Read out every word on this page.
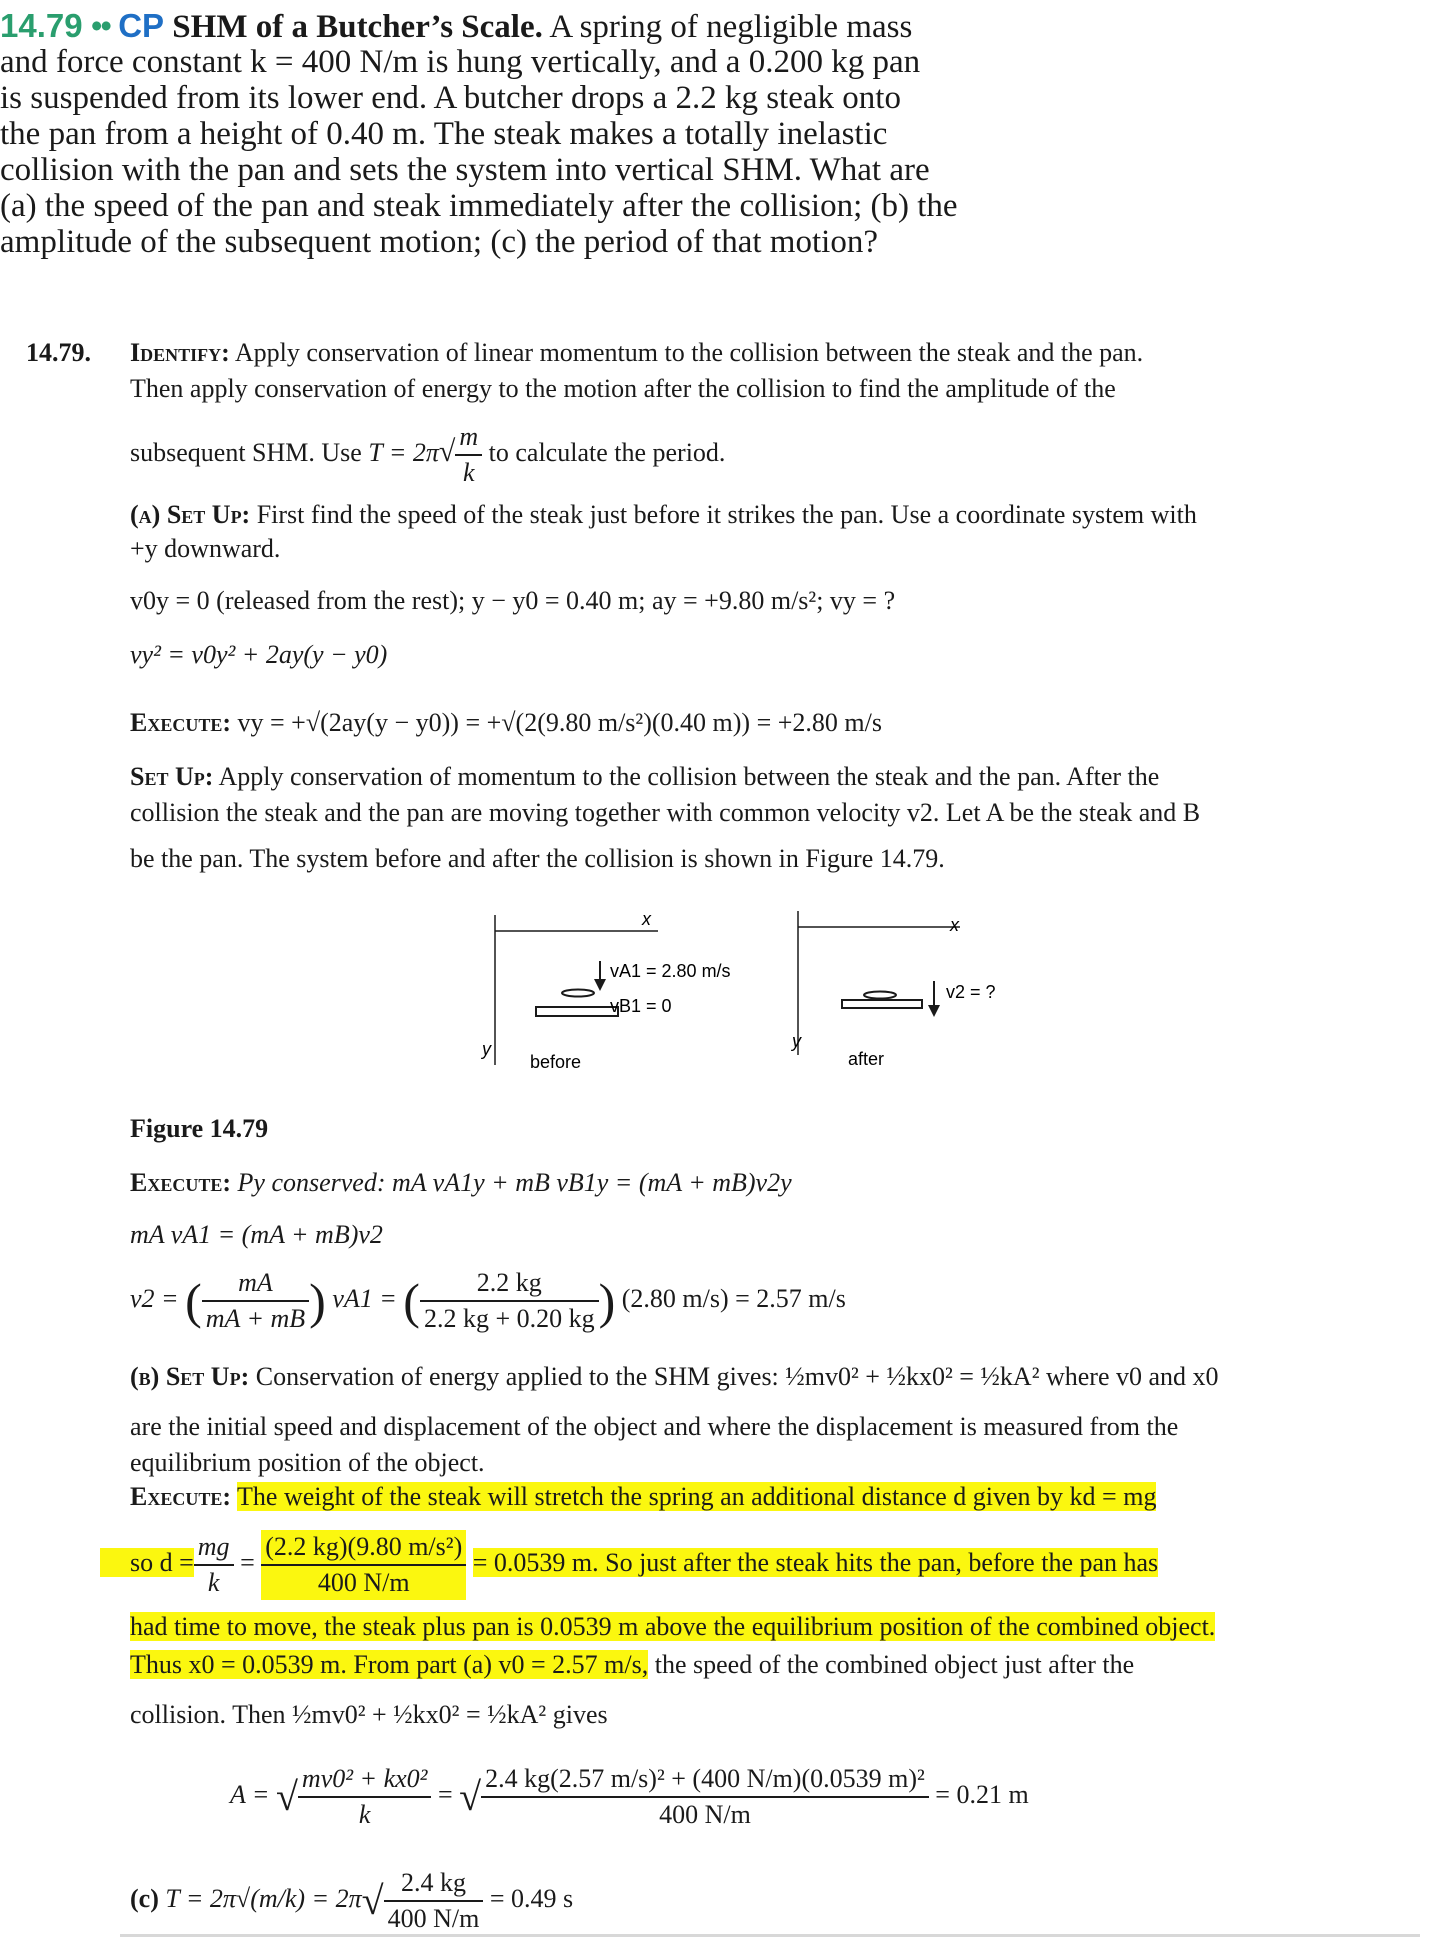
14.79 •• CP SHM of a Butcher’s Scale. A spring of negligible mass
and force constant k = 400 N/m is hung vertically, and a 0.200 kg pan
is suspended from its lower end. A butcher drops a 2.2 kg steak onto
the pan from a height of 0.40 m. The steak makes a totally inelastic
collision with the pan and sets the system into vertical SHM. What are
(a) the speed of the pan and steak immediately after the collision; (b) the
amplitude of the subsequent motion; (c) the period of that motion?
14.79. Identify: Apply conservation of linear momentum to the collision between the steak and the pan.
Then apply conservation of energy to the motion after the collision to find the amplitude of the
subsequent SHM. Use $T = 2\pi√ \frac{m}{k}$ to calculate the period.
(a) Set Up: First find the speed of the steak just before it strikes the pan. Use a coordinate system with
+y downward.
v0y = 0 (released from the rest); y − y0 = 0.40 m; ay = +9.80 m/s²; vy = ?
vy² = v0y² + 2ay(y − y0)
Execute: vy = +√(2ay(y − y0)) = +√(2(9.80 m/s²)(0.40 m)) = +2.80 m/s
Set Up: Apply conservation of momentum to the collision between the steak and the pan. After the
collision the steak and the pan are moving together with common velocity v2. Let A be the steak and B
be the pan. The system before and after the collision is shown in Figure 14.79.
x
y
vA1 = 2.80 m/s
vB1 = 0
before
x
y
v2 = ?
after
Figure 14.79
Execute: Py conserved: mA vA1y + mB vB1y = (mA + mB)v2y
mA vA1 = (mA + mB)v2
v2 = ( $\frac{mA}{mA + mB}$ ) vA1 = ( $\frac{2.2 kg}{2.2 kg + 0.20 kg}$ ) (2.80 m/s) = 2.57 m/s
(b) Set Up: Conservation of energy applied to the SHM gives: ½mv0² + ½kx0² = ½kA² where v0 and x0
are the initial speed and displacement of the object and where the displacement is measured from the
equilibrium position of the object.
Execute: The weight of the steak will stretch the spring an additional distance d given by kd = mg
so $d = \frac{mg}{k} = \frac{\text{(2.2 kg)(9.80 m/s²)}}{400 N/m} = 0.0539$ m. So just after the steak hits the pan, before the pan has
had time to move, the steak plus pan is 0.0539 m above the equilibrium position of the combined object.
Thus x0 = 0.0539 m. From part (a) v0 = 2.57 m/s, the speed of the combined object just after the
collision. Then ½mv0² + ½kx0² = ½kA² gives
A = √ $\frac{\text{mv0² + kx0²}}{k}$ = √ $\frac{\text{2.4 kg(2.57 m/s)² + (400 N/m)(0.0539 m)²}}{400 N/m} = 0.21$ m
(c) $T = 2\pi√(m/k) = 2\pi√ \frac{2.4 kg}{400 N/m} = 0.49$ s
